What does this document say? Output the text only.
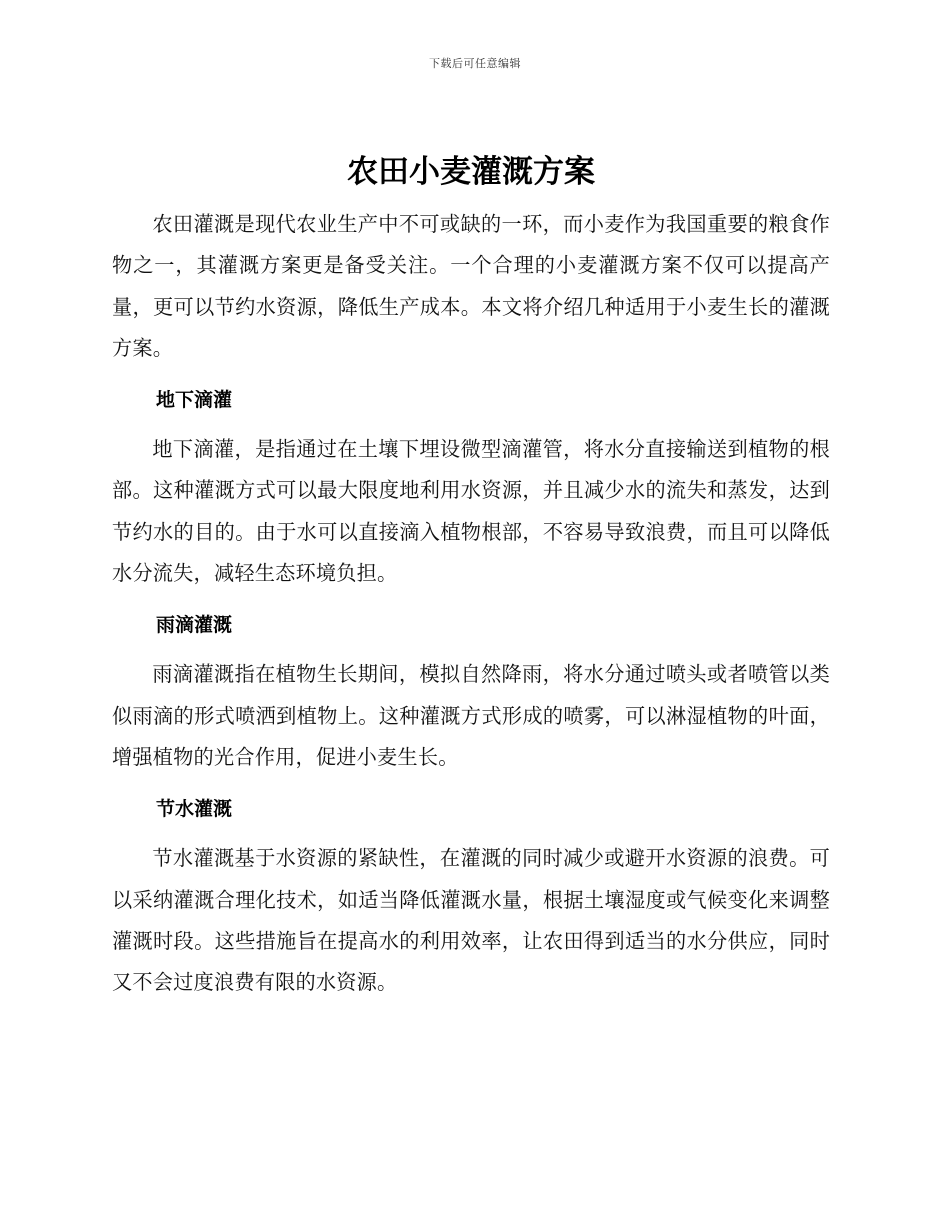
下载后可任意编辑
农田小麦灌溉方案

农田灌溉是现代农业生产中不可或缺的一环，而小麦作为我国重要的粮食作物之一，其灌溉方案更是备受关注。一个合理的小麦灌溉方案不仅可以提高产量，更可以节约水资源，降低生产成本。本文将介绍几种适用于小麦生长的灌溉方案。

地下滴灌

地下滴灌，是指通过在土壤下埋设微型滴灌管，将水分直接输送到植物的根部。这种灌溉方式可以最大限度地利用水资源，并且减少水的流失和蒸发，达到节约水的目的。由于水可以直接滴入植物根部，不容易导致浪费，而且可以降低水分流失，减轻生态环境负担。

雨滴灌溉

雨滴灌溉指在植物生长期间，模拟自然降雨，将水分通过喷头或者喷管以类似雨滴的形式喷洒到植物上。这种灌溉方式形成的喷雾，可以淋湿植物的叶面，增强植物的光合作用，促进小麦生长。

节水灌溉

节水灌溉基于水资源的紧缺性，在灌溉的同时减少或避开水资源的浪费。可以采纳灌溉合理化技术，如适当降低灌溉水量，根据土壤湿度或气候变化来调整灌溉时段。这些措施旨在提高水的利用效率，让农田得到适当的水分供应，同时又不会过度浪费有限的水资源。
